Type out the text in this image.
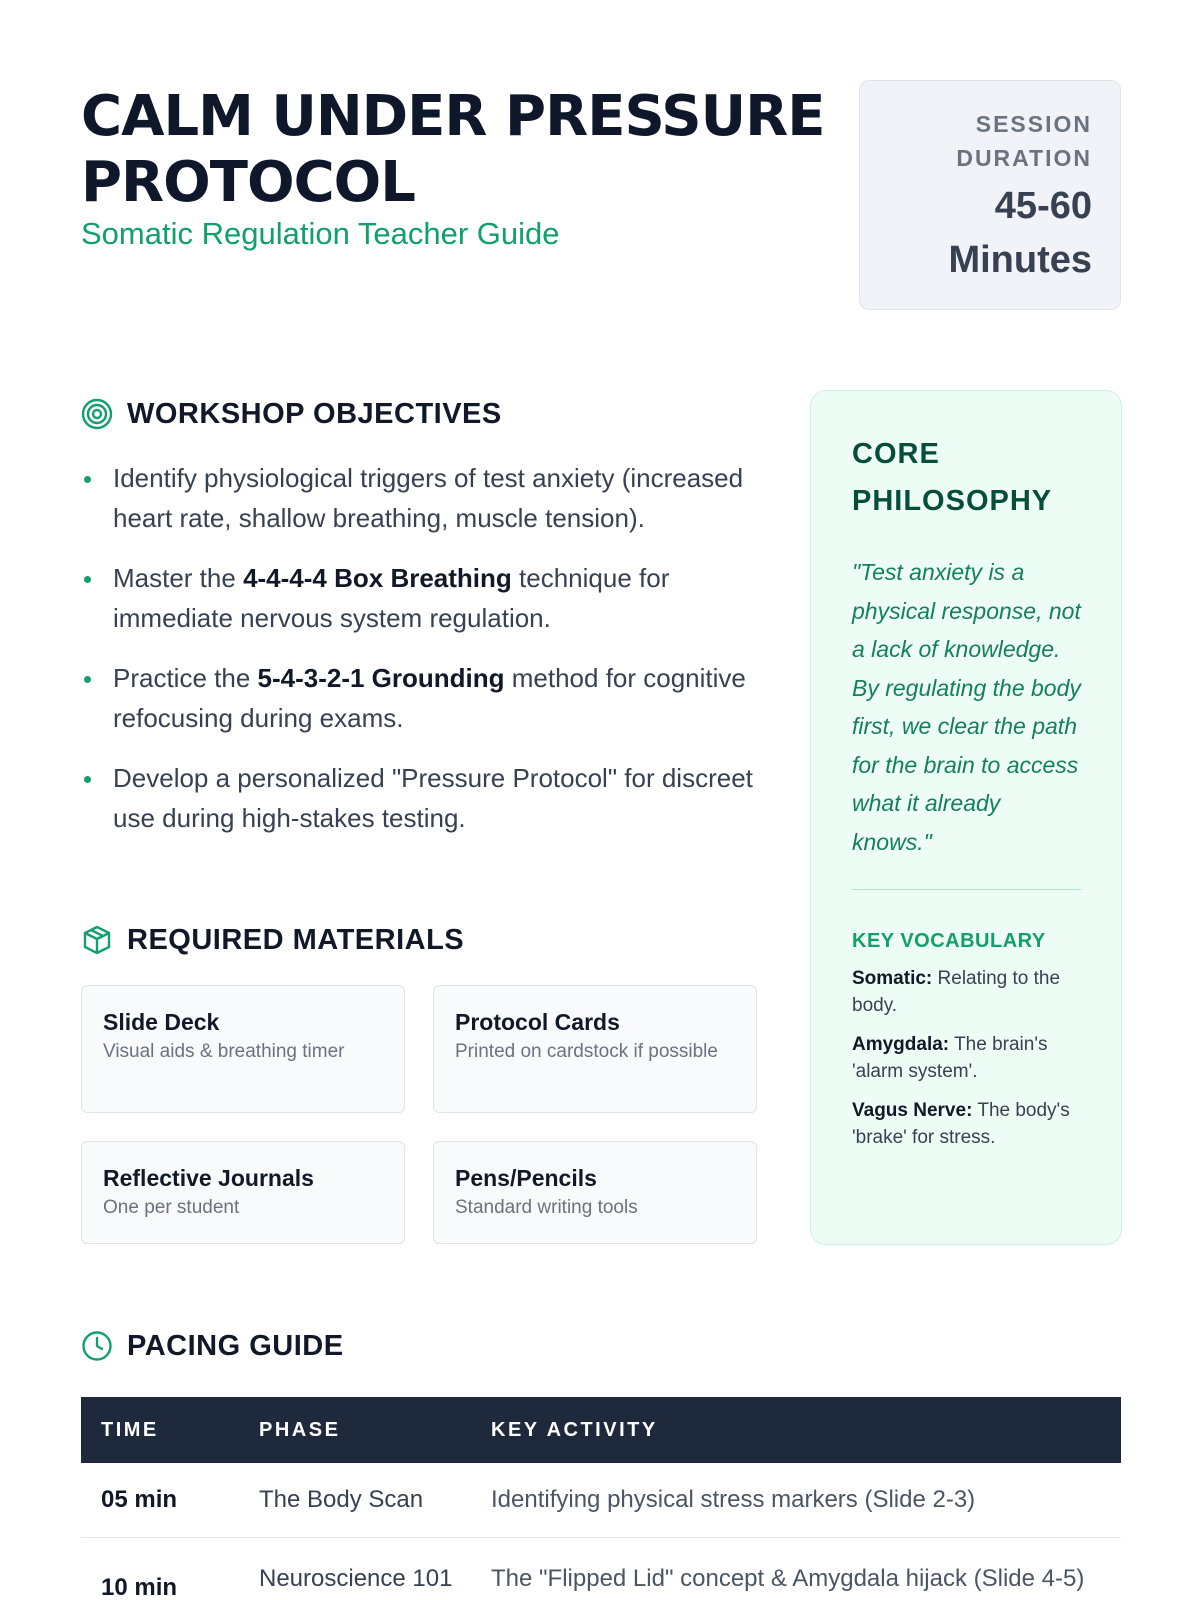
CALM UNDER PRESSURE PROTOCOL
Somatic Regulation Teacher Guide
SESSION DURATION
45-60 Minutes
WORKSHOP OBJECTIVES
Identify physiological triggers of test anxiety (increased heart rate, shallow breathing, muscle tension).
Master the 4-4-4-4 Box Breathing technique for immediate nervous system regulation.
Practice the 5-4-3-2-1 Grounding method for cognitive refocusing during exams.
Develop a personalized "Pressure Protocol" for discreet use during high-stakes testing.
REQUIRED MATERIALS
Slide Deck
Visual aids & breathing timer
Protocol Cards
Printed on cardstock if possible
Reflective Journals
One per student
Pens/Pencils
Standard writing tools
CORE PHILOSOPHY
"Test anxiety is a physical response, not a lack of knowledge. By regulating the body first, we clear the path for the brain to access what it already knows."
KEY VOCABULARY
Somatic: Relating to the body.
Amygdala: The brain's 'alarm system'.
Vagus Nerve: The body's 'brake' for stress.
PACING GUIDE
TIME	PHASE	KEY ACTIVITY
05 min	The Body Scan	Identifying physical stress markers (Slide 2-3)
10 min	Neuroscience 101	The "Flipped Lid" concept & Amygdala hijack (Slide 4-5)
